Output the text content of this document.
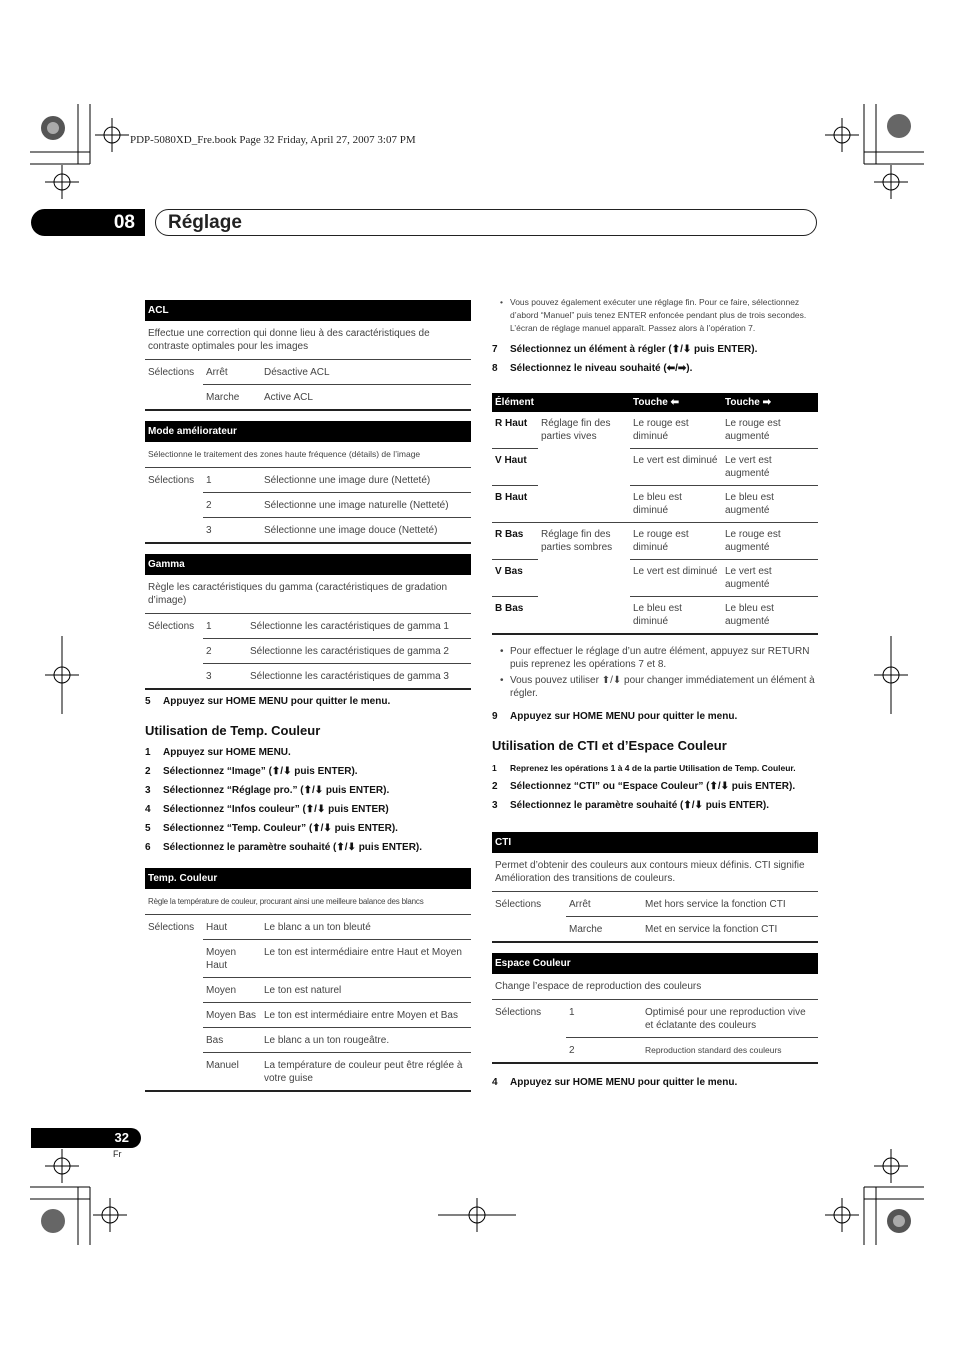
PDP-5080XD_Fre.book Page 32 Friday, April 27, 2007 3:07 PM
08	Réglage
ACL
Effectue une correction qui donne lieu à des caractéristiques de contraste optimales pour les images
Sélections	Arrêt	Désactive ACL
	Marche	Active ACL
Mode améliorateur
Sélectionne le traitement des zones haute fréquence (détails) de l’image
Sélections	1	Sélectionne une image dure (Netteté)
	2	Sélectionne une image naturelle (Netteté)
	3	Sélectionne une image douce (Netteté)
Gamma
Règle les caractéristiques du gamma (caractéristiques de gradation d’image)
Sélections	1	Sélectionne les caractéristiques de gamma 1
	2	Sélectionne les caractéristiques de gamma 2
	3	Sélectionne les caractéristiques de gamma 3

5 Appuyez sur HOME MENU pour quitter le menu.

Utilisation de Temp. Couleur

1 Appuyez sur HOME MENU.

2 Sélectionnez “Image” (⬆/⬇ puis ENTER).

3 Sélectionnez “Réglage pro.” (⬆/⬇ puis ENTER).

4 Sélectionnez “Infos couleur” (⬆/⬇ puis ENTER)

5 Sélectionnez “Temp. Couleur” (⬆/⬇ puis ENTER).

6 Sélectionnez le paramètre souhaité (⬆/⬇ puis ENTER).

Temp. Couleur
Règle la température de couleur, procurant ainsi une meilleure balance des blancs
Sélections	Haut	Le blanc a un ton bleuté
	Moyen Haut	Le ton est intermédiaire entre Haut et Moyen
	Moyen	Le ton est naturel
	Moyen Bas	Le ton est intermédiaire entre Moyen et Bas
	Bas	Le blanc a un ton rougeâtre.
	Manuel	La température de couleur peut être réglée à votre guise
• Vous pouvez également exécuter une réglage fin. Pour ce faire, sélectionnez d’abord “Manuel” puis tenez ENTER enfoncée pendant plus de trois secondes. L’écran de réglage manuel apparaît. Passez alors à l’opération 7.

7 Sélectionnez un élément à régler (⬆/⬇ puis ENTER).

8 Sélectionnez le niveau souhaité (⬅/➡).

Élément		Touche ⬅	Touche ➡
R Haut	Réglage fin des parties vives	Le rouge est diminué	Le rouge est augmenté
V Haut		Le vert est diminué	Le vert est augmenté
B Haut		Le bleu est diminué	Le bleu est augmenté
R Bas	Réglage fin des parties sombres	Le rouge est diminué	Le rouge est augmenté
V Bas		Le vert est diminué	Le vert est augmenté
B Bas		Le bleu est diminué	Le bleu est augmenté
• Pour effectuer le réglage d’un autre élément, appuyez sur RETURN puis reprenez les opérations 7 et 8.
• Vous pouvez utiliser ⬆/⬇ pour changer immédiatement un élément à régler.

9 Appuyez sur HOME MENU pour quitter le menu.

Utilisation de CTI et d’Espace Couleur

1 Reprenez les opérations 1 à 4 de la partie Utilisation de Temp. Couleur.

2 Sélectionnez “CTI” ou “Espace Couleur” (⬆/⬇ puis ENTER).

3 Sélectionnez le paramètre souhaité (⬆/⬇ puis ENTER).

CTI
Permet d’obtenir des couleurs aux contours mieux définis. CTI signifie Amélioration des transitions de couleurs.
Sélections	Arrêt	Met hors service la fonction CTI
	Marche	Met en service la fonction CTI
Espace Couleur
Change l’espace de reproduction des couleurs
Sélections	1	Optimisé pour une reproduction vive et éclatante des couleurs
	2	Reproduction standard des couleurs

4 Appuyez sur HOME MENU pour quitter le menu.

32
Fr
